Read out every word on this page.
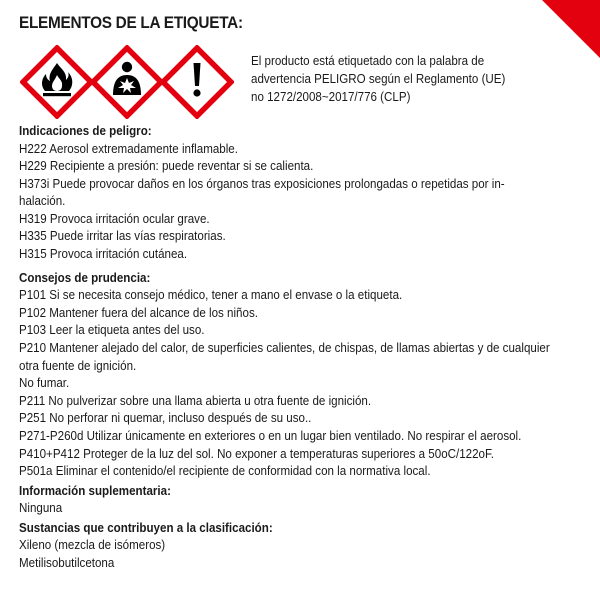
ELEMENTOS DE LA ETIQUETA:
El producto está etiquetado con la palabra de
advertencia PELIGRO según el Reglamento (UE)
no 1272/2008~2017/776 (CLP)
Indicaciones de peligro:
H222 Aerosol extremadamente inflamable.
H229 Recipiente a presión: puede reventar si se calienta.
H373i Puede provocar daños en los órganos tras exposiciones prolongadas o repetidas por in-
halación.
H319 Provoca irritación ocular grave.
H335 Puede irritar las vías respiratorias.
H315 Provoca irritación cutánea.
Consejos de prudencia:
P101 Si se necesita consejo médico, tener a mano el envase o la etiqueta.
P102 Mantener fuera del alcance de los niños.
P103 Leer la etiqueta antes del uso.
P210 Mantener alejado del calor, de superficies calientes, de chispas, de llamas abiertas y de cualquier
otra fuente de ignición.
No fumar.
P211 No pulverizar sobre una llama abierta u otra fuente de ignición.
P251 No perforar ni quemar, incluso después de su uso..
P271-P260d Utilizar únicamente en exteriores o en un lugar bien ventilado. No respirar el aerosol.
P410+P412 Proteger de la luz del sol. No exponer a temperaturas superiores a 50oC/122oF.
P501a Eliminar el contenido/el recipiente de conformidad con la normativa local.
Información suplementaria:
Ninguna
Sustancias que contribuyen a la clasificación:
Xileno (mezcla de isómeros)
Metilisobutilcetona
